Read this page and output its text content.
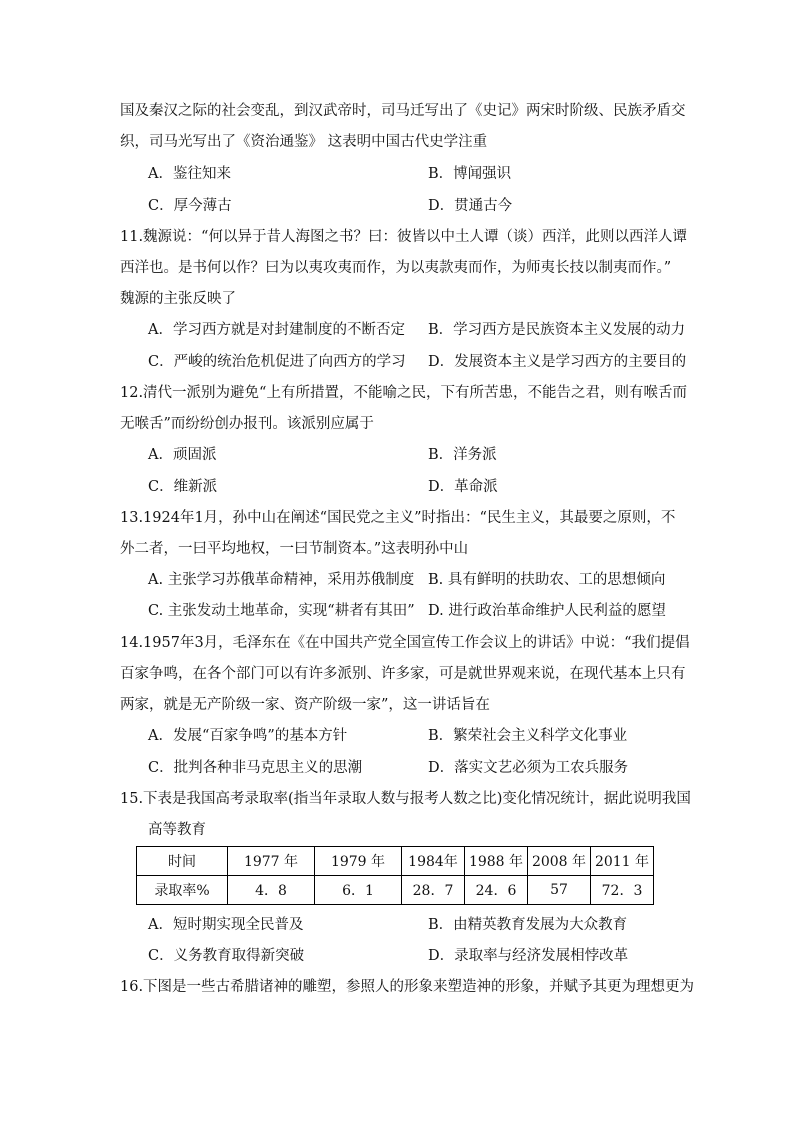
国及秦汉之际的社会变乱，到汉武帝时，司马迁写出了《史记》两宋时阶级、民族矛盾交
织，司马光写出了《资治通鉴》 这表明中国古代史学注重
A．鉴往知来	B．博闻强识
C．厚今薄古	D．贯通古今
11.魏源说：“何以异于昔人海图之书？曰：彼皆以中土人谭（谈）西洋，此则以西洋人谭
西洋也。是书何以作？曰为以夷攻夷而作，为以夷款夷而作，为师夷长技以制夷而作。”
魏源的主张反映了
A．学习西方就是对封建制度的不断否定 B．学习西方是民族资本主义发展的动力
C．严峻的统治危机促进了向西方的学习 D．发展资本主义是学习西方的主要目的
12.清代一派别为避免“上有所措置，不能喻之民，下有所苦患，不能告之君，则有喉舌而
无喉舌”而纷纷创办报刊。该派别应属于
A．顽固派	B．洋务派
C．维新派	D．革命派
13.1924年1月，孙中山在阐述“国民党之主义”时指出：“民生主义，其最要之原则，不
外二者，一曰平均地权，一曰节制资本。”这表明孙中山
A. 主张学习苏俄革命精神，采用苏俄制度 B. 具有鲜明的扶助农、工的思想倾向
C. 主张发动土地革命，实现“耕者有其田” D. 进行政治革命维护人民利益的愿望
14.1957年3月，毛泽东在《在中国共产党全国宣传工作会议上的讲话》中说：“我们提倡
百家争鸣，在各个部门可以有许多派别、许多家，可是就世界观来说，在现代基本上只有
两家，就是无产阶级一家、资产阶级一家”，这一讲话旨在
A．发展“百家争鸣”的基本方针	B．繁荣社会主义科学文化事业
C．批判各种非马克思主义的思潮	D．落实文艺必须为工农兵服务
15.下表是我国高考录取率(指当年录取人数与报考人数之比)变化情况统计，据此说明我国
高等教育
时间	1977 年	1979 年	1984年	1988 年	2008 年	2011 年
录取率%	4．8	6．1	28．7	24．6	57	72．3
A．短时期实现全民普及	B．由精英教育发展为大众教育
C．义务教育取得新突破	D．录取率与经济发展相悖改革
16.下图是一些古希腊诸神的雕塑，参照人的形象来塑造神的形象，并赋予其更为理想更为
